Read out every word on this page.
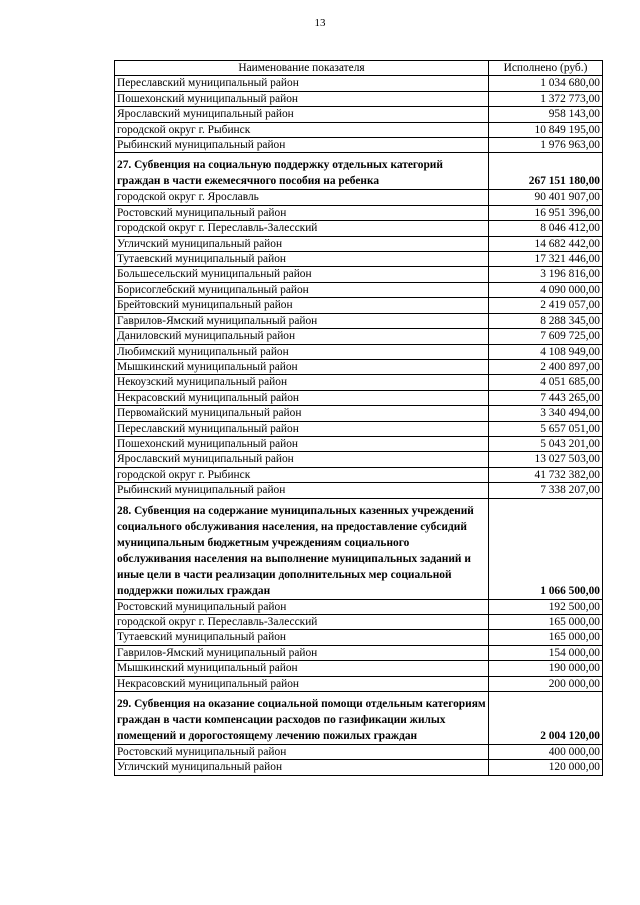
13
Наименование показателя	Исполнено (руб.)
Переславский муниципальный район	1 034 680,00
Пошехонский муниципальный район	1 372 773,00
Ярославский муниципальный район	958 143,00
городской округ г. Рыбинск	10 849 195,00
Рыбинский муниципальный район	1 976 963,00
27. Субвенция на социальную поддержку отдельных категорий граждан в части ежемесячного пособия на ребенка	267 151 180,00
городской округ г. Ярославль	90 401 907,00
Ростовский муниципальный район	16 951 396,00
городской округ г. Переславль-Залесский	8 046 412,00
Угличский муниципальный район	14 682 442,00
Тутаевский муниципальный район	17 321 446,00
Большесельский муниципальный район	3 196 816,00
Борисоглебский муниципальный район	4 090 000,00
Брейтовский муниципальный район	2 419 057,00
Гаврилов-Ямский муниципальный район	8 288 345,00
Даниловский муниципальный район	7 609 725,00
Любимский муниципальный район	4 108 949,00
Мышкинский муниципальный район	2 400 897,00
Некоузский муниципальный район	4 051 685,00
Некрасовский муниципальный район	7 443 265,00
Первомайский муниципальный район	3 340 494,00
Переславский муниципальный район	5 657 051,00
Пошехонский муниципальный район	5 043 201,00
Ярославский муниципальный район	13 027 503,00
городской округ г. Рыбинск	41 732 382,00
Рыбинский муниципальный район	7 338 207,00
28. Субвенция на содержание муниципальных казенных учреждений социального обслуживания населения, на предоставление субсидий муниципальным бюджетным учреждениям социального обслуживания населения на выполнение муниципальных заданий и иные цели в части реализации дополнительных мер социальной поддержки пожилых граждан	1 066 500,00
Ростовский муниципальный район	192 500,00
городской округ г. Переславль-Залесский	165 000,00
Тутаевский муниципальный район	165 000,00
Гаврилов-Ямский муниципальный район	154 000,00
Мышкинский муниципальный район	190 000,00
Некрасовский муниципальный район	200 000,00
29. Субвенция на оказание социальной помощи отдельным категориям граждан в части компенсации расходов по газификации жилых помещений и дорогостоящему лечению пожилых граждан	2 004 120,00
Ростовский муниципальный район	400 000,00
Угличский муниципальный район	120 000,00
